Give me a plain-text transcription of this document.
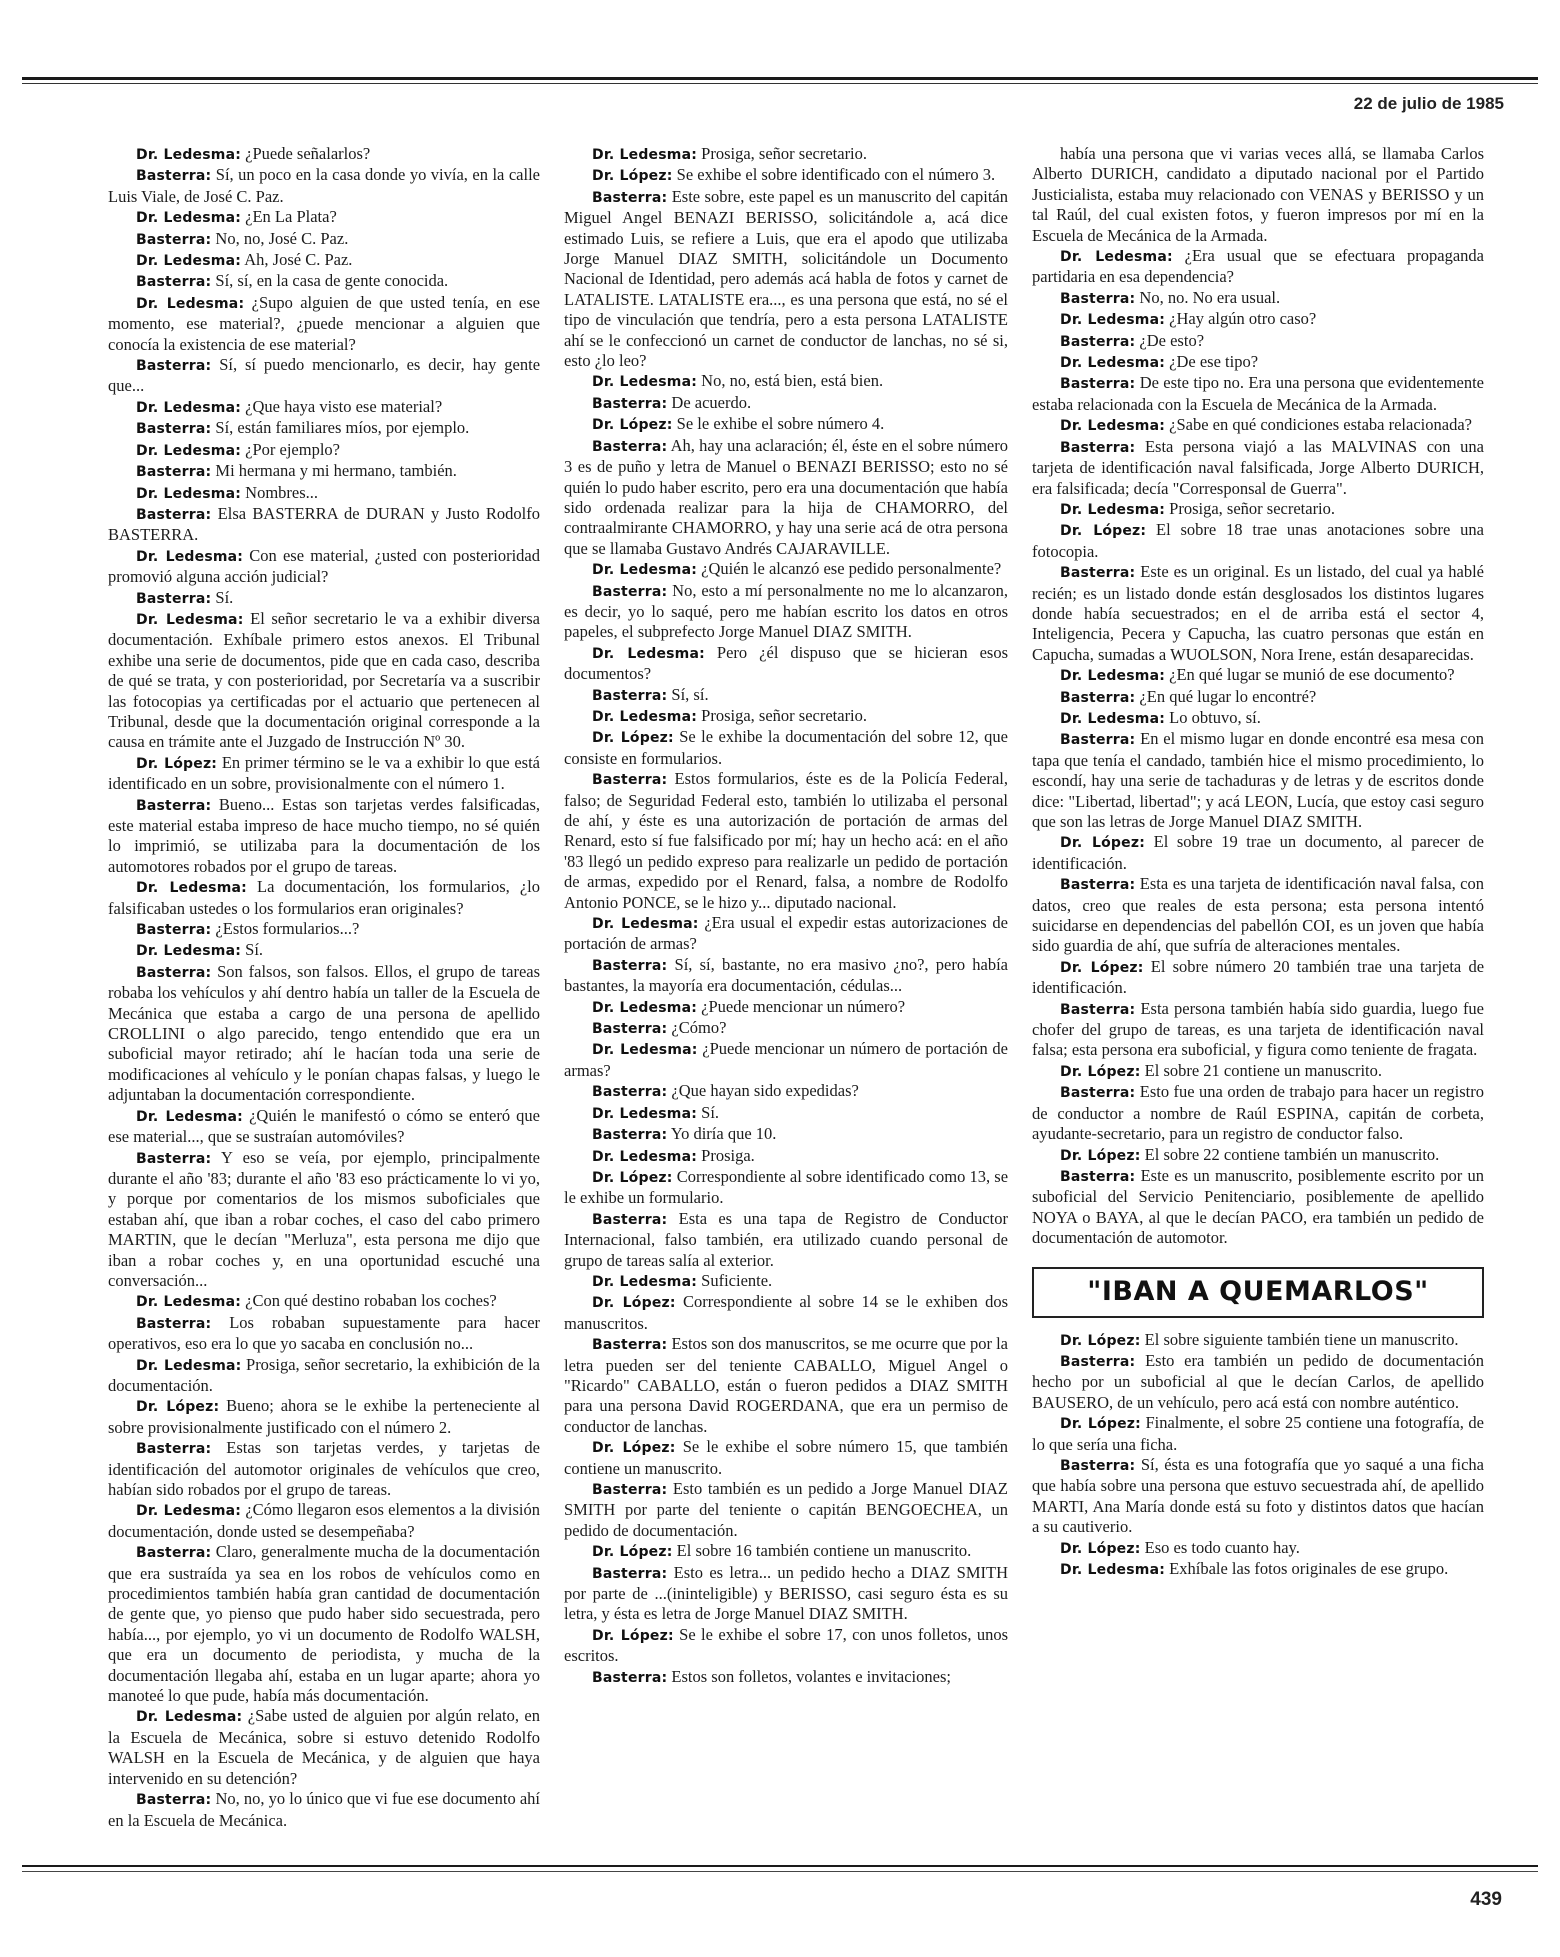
22 de julio de 1985

Dr. Ledesma: ¿Puede señalarlos?

Basterra: Sí, un poco en la casa donde yo vivía, en la calle Luis Viale, de José C. Paz.

Dr. Ledesma: ¿En La Plata?

Basterra: No, no, José C. Paz.

Dr. Ledesma: Ah, José C. Paz.

Basterra: Sí, sí, en la casa de gente conocida.

Dr. Ledesma: ¿Supo alguien de que usted tenía, en ese momento, ese material?, ¿puede mencionar a alguien que conocía la existencia de ese material?

Basterra: Sí, sí puedo mencionarlo, es decir, hay gente que...

Dr. Ledesma: ¿Que haya visto ese material?

Basterra: Sí, están familiares míos, por ejemplo.

Dr. Ledesma: ¿Por ejemplo?

Basterra: Mi hermana y mi hermano, también.

Dr. Ledesma: Nombres...

Basterra: Elsa BASTERRA de DURAN y Justo Rodolfo BASTERRA.

Dr. Ledesma: Con ese material, ¿usted con posterioridad promovió alguna acción judicial?

Basterra: Sí.

Dr. Ledesma: El señor secretario le va a exhibir diversa documentación. Exhíbale primero estos anexos. El Tribunal exhibe una serie de documentos, pide que en cada caso, describa de qué se trata, y con posterioridad, por Secretaría va a suscribir las fotocopias ya certificadas por el actuario que pertenecen al Tribunal, desde que la documentación original corresponde a la causa en trámite ante el Juzgado de Instrucción Nº 30.

Dr. López: En primer término se le va a exhibir lo que está identificado en un sobre, provisionalmente con el número 1.

Basterra: Bueno... Estas son tarjetas verdes falsificadas, este material estaba impreso de hace mucho tiempo, no sé quién lo imprimió, se utilizaba para la documentación de los automotores robados por el grupo de tareas.

Dr. Ledesma: La documentación, los formularios, ¿lo falsificaban ustedes o los formularios eran originales?

Basterra: ¿Estos formularios...?

Dr. Ledesma: Sí.

Basterra: Son falsos, son falsos. Ellos, el grupo de tareas robaba los vehículos y ahí dentro había un taller de la Escuela de Mecánica que estaba a cargo de una persona de apellido CROLLINI o algo parecido, tengo entendido que era un suboficial mayor retirado; ahí le hacían toda una serie de modificaciones al vehículo y le ponían chapas falsas, y luego le adjuntaban la documentación correspondiente.

Dr. Ledesma: ¿Quién le manifestó o cómo se enteró que ese material..., que se sustraían automóviles?

Basterra: Y eso se veía, por ejemplo, principalmente durante el año '83; durante el año '83 eso prácticamente lo vi yo, y porque por comentarios de los mismos suboficiales que estaban ahí, que iban a robar coches, el caso del cabo primero MARTIN, que le decían "Merluza", esta persona me dijo que iban a robar coches y, en una oportunidad escuché una conversación...

Dr. Ledesma: ¿Con qué destino robaban los coches?

Basterra: Los robaban supuestamente para hacer operativos, eso era lo que yo sacaba en conclusión no...

Dr. Ledesma: Prosiga, señor secretario, la exhibición de la documentación.

Dr. López: Bueno; ahora se le exhibe la perteneciente al sobre provisionalmente justificado con el número 2.

Basterra: Estas son tarjetas verdes, y tarjetas de identificación del automotor originales de vehículos que creo, habían sido robados por el grupo de tareas.

Dr. Ledesma: ¿Cómo llegaron esos elementos a la división documentación, donde usted se desempeñaba?

Basterra: Claro, generalmente mucha de la documentación que era sustraída ya sea en los robos de vehículos como en procedimientos también había gran cantidad de documentación de gente que, yo pienso que pudo haber sido secuestrada, pero había..., por ejemplo, yo vi un documento de Rodolfo WALSH, que era un documento de periodista, y mucha de la documentación llegaba ahí, estaba en un lugar aparte; ahora yo manoteé lo que pude, había más documentación.

Dr. Ledesma: ¿Sabe usted de alguien por algún relato, en la Escuela de Mecánica, sobre si estuvo detenido Rodolfo WALSH en la Escuela de Mecánica, y de alguien que haya intervenido en su detención?

Basterra: No, no, yo lo único que vi fue ese documento ahí en la Escuela de Mecánica.

Dr. Ledesma: Prosiga, señor secretario.

Dr. López: Se exhibe el sobre identificado con el número 3.

Basterra: Este sobre, este papel es un manuscrito del capitán Miguel Angel BENAZI BERISSO, solicitándole a, acá dice estimado Luis, se refiere a Luis, que era el apodo que utilizaba Jorge Manuel DIAZ SMITH, solicitándole un Documento Nacional de Identidad, pero además acá habla de fotos y carnet de LATALISTE. LATALISTE era..., es una persona que está, no sé el tipo de vinculación que tendría, pero a esta persona LATALISTE ahí se le confeccionó un carnet de conductor de lanchas, no sé si, esto ¿lo leo?

Dr. Ledesma: No, no, está bien, está bien.

Basterra: De acuerdo.

Dr. López: Se le exhibe el sobre número 4.

Basterra: Ah, hay una aclaración; él, éste en el sobre número 3 es de puño y letra de Manuel o BENAZI BERISSO; esto no sé quién lo pudo haber escrito, pero era una documentación que había sido ordenada realizar para la hija de CHAMORRO, del contraalmirante CHAMORRO, y hay una serie acá de otra persona que se llamaba Gustavo Andrés CAJARAVILLE.

Dr. Ledesma: ¿Quién le alcanzó ese pedido personalmente?

Basterra: No, esto a mí personalmente no me lo alcanzaron, es decir, yo lo saqué, pero me habían escrito los datos en otros papeles, el subprefecto Jorge Manuel DIAZ SMITH.

Dr. Ledesma: Pero ¿él dispuso que se hicieran esos documentos?

Basterra: Sí, sí.

Dr. Ledesma: Prosiga, señor secretario.

Dr. López: Se le exhibe la documentación del sobre 12, que consiste en formularios.

Basterra: Estos formularios, éste es de la Policía Federal, falso; de Seguridad Federal esto, también lo utilizaba el personal de ahí, y éste es una autorización de portación de armas del Renard, esto sí fue falsificado por mí; hay un hecho acá: en el año '83 llegó un pedido expreso para realizarle un pedido de portación de armas, expedido por el Renard, falsa, a nombre de Rodolfo Antonio PONCE, se le hizo y... diputado nacional.

Dr. Ledesma: ¿Era usual el expedir estas autorizaciones de portación de armas?

Basterra: Sí, sí, bastante, no era masivo ¿no?, pero había bastantes, la mayoría era documentación, cédulas...

Dr. Ledesma: ¿Puede mencionar un número?

Basterra: ¿Cómo?

Dr. Ledesma: ¿Puede mencionar un número de portación de armas?

Basterra: ¿Que hayan sido expedidas?

Dr. Ledesma: Sí.

Basterra: Yo diría que 10.

Dr. Ledesma: Prosiga.

Dr. López: Correspondiente al sobre identificado como 13, se le exhibe un formulario.

Basterra: Esta es una tapa de Registro de Conductor Internacional, falso también, era utilizado cuando personal de grupo de tareas salía al exterior.

Dr. Ledesma: Suficiente.

Dr. López: Correspondiente al sobre 14 se le exhiben dos manuscritos.

Basterra: Estos son dos manuscritos, se me ocurre que por la letra pueden ser del teniente CABALLO, Miguel Angel o "Ricardo" CABALLO, están o fueron pedidos a DIAZ SMITH para una persona David ROGERDANA, que era un permiso de conductor de lanchas.

Dr. López: Se le exhibe el sobre número 15, que también contiene un manuscrito.

Basterra: Esto también es un pedido a Jorge Manuel DIAZ SMITH por parte del teniente o capitán BENGOECHEA, un pedido de documentación.

Dr. López: El sobre 16 también contiene un manuscrito.

Basterra: Esto es letra... un pedido hecho a DIAZ SMITH por parte de ...(ininteligible) y BERISSO, casi seguro ésta es su letra, y ésta es letra de Jorge Manuel DIAZ SMITH.

Dr. López: Se le exhibe el sobre 17, con unos folletos, unos escritos.

Basterra: Estos son folletos, volantes e invitaciones;

había una persona que vi varias veces allá, se llamaba Carlos Alberto DURICH, candidato a diputado nacional por el Partido Justicialista, estaba muy relacionado con VENAS y BERISSO y un tal Raúl, del cual existen fotos, y fueron impresos por mí en la Escuela de Mecánica de la Armada.

Dr. Ledesma: ¿Era usual que se efectuara propaganda partidaria en esa dependencia?

Basterra: No, no. No era usual.

Dr. Ledesma: ¿Hay algún otro caso?

Basterra: ¿De esto?

Dr. Ledesma: ¿De ese tipo?

Basterra: De este tipo no. Era una persona que evidentemente estaba relacionada con la Escuela de Mecánica de la Armada.

Dr. Ledesma: ¿Sabe en qué condiciones estaba relacionada?

Basterra: Esta persona viajó a las MALVINAS con una tarjeta de identificación naval falsificada, Jorge Alberto DURICH, era falsificada; decía "Corresponsal de Guerra".

Dr. Ledesma: Prosiga, señor secretario.

Dr. López: El sobre 18 trae unas anotaciones sobre una fotocopia.

Basterra: Este es un original. Es un listado, del cual ya hablé recién; es un listado donde están desglosados los distintos lugares donde había secuestrados; en el de arriba está el sector 4, Inteligencia, Pecera y Capucha, las cuatro personas que están en Capucha, sumadas a WUOLSON, Nora Irene, están desaparecidas.

Dr. Ledesma: ¿En qué lugar se munió de ese documento?

Basterra: ¿En qué lugar lo encontré?

Dr. Ledesma: Lo obtuvo, sí.

Basterra: En el mismo lugar en donde encontré esa mesa con tapa que tenía el candado, también hice el mismo procedimiento, lo escondí, hay una serie de tachaduras y de letras y de escritos donde dice: "Libertad, libertad"; y acá LEON, Lucía, que estoy casi seguro que son las letras de Jorge Manuel DIAZ SMITH.

Dr. López: El sobre 19 trae un documento, al parecer de identificación.

Basterra: Esta es una tarjeta de identificación naval falsa, con datos, creo que reales de esta persona; esta persona intentó suicidarse en dependencias del pabellón COI, es un joven que había sido guardia de ahí, que sufría de alteraciones mentales.

Dr. López: El sobre número 20 también trae una tarjeta de identificación.

Basterra: Esta persona también había sido guardia, luego fue chofer del grupo de tareas, es una tarjeta de identificación naval falsa; esta persona era suboficial, y figura como teniente de fragata.

Dr. López: El sobre 21 contiene un manuscrito.

Basterra: Esto fue una orden de trabajo para hacer un registro de conductor a nombre de Raúl ESPINA, capitán de corbeta, ayudante-secretario, para un registro de conductor falso.

Dr. López: El sobre 22 contiene también un manuscrito.

Basterra: Este es un manuscrito, posiblemente escrito por un suboficial del Servicio Penitenciario, posiblemente de apellido NOYA o BAYA, al que le decían PACO, era también un pedido de documentación de automotor.

"IBAN A QUEMARLOS"

Dr. López: El sobre siguiente también tiene un manuscrito.

Basterra: Esto era también un pedido de documentación hecho por un suboficial al que le decían Carlos, de apellido BAUSERO, de un vehículo, pero acá está con nombre auténtico.

Dr. López: Finalmente, el sobre 25 contiene una fotografía, de lo que sería una ficha.

Basterra: Sí, ésta es una fotografía que yo saqué a una ficha que había sobre una persona que estuvo secuestrada ahí, de apellido MARTI, Ana María donde está su foto y distintos datos que hacían a su cautiverio.

Dr. López: Eso es todo cuanto hay.

Dr. Ledesma: Exhíbale las fotos originales de ese grupo.

439
